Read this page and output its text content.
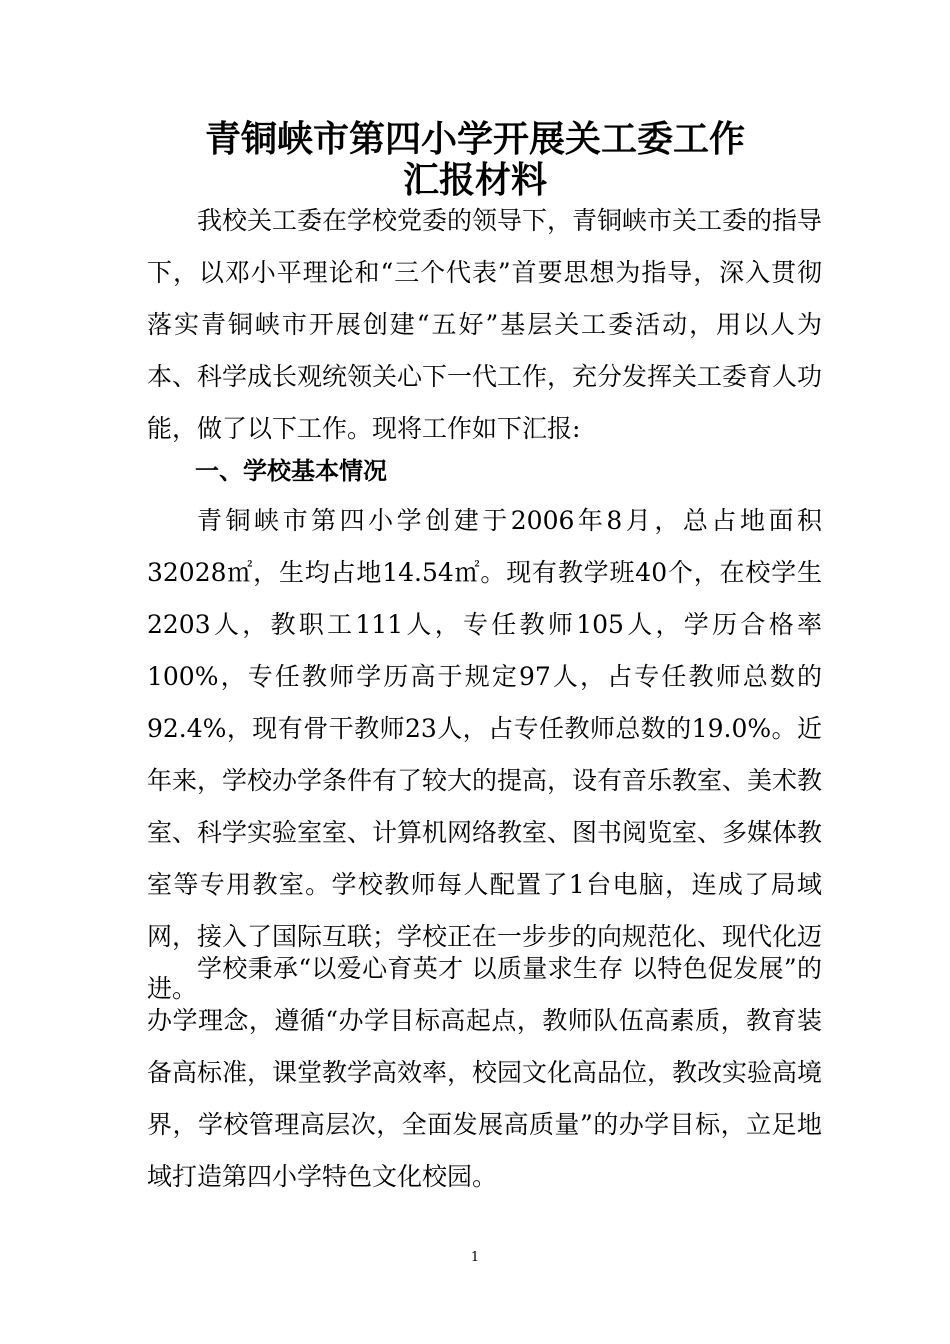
青铜峡市第四小学开展关工委工作
汇报材料

我校关工委在学校党委的领导下，青铜峡市关工委的指导下，以邓小平理论和“三个代表”首要思想为指导，深入贯彻落实青铜峡市开展创建“五好”基层关工委活动，用以人为本、科学成长观统领关心下一代工作，充分发挥关工委育人功能，做了以下工作。现将工作如下汇报:

一、学校基本情况

青铜峡市第四小学创建于2006年8月，总占地面积32028㎡，生均占地14.54㎡。现有教学班40个，在校学生2203人，教职工111人，专任教师105人，学历合格率100%，专任教师学历高于规定97人，占专任教师总数的92.4%，现有骨干教师23人，占专任教师总数的19.0%。近年来，学校办学条件有了较大的提高，设有音乐教室、美术教室、科学实验室室、计算机网络教室、图书阅览室、多媒体教室等专用教室。学校教师每人配置了1台电脑，连成了局域网，接入了国际互联；学校正在一步步的向规范化、现代化迈进。

学校秉承“以爱心育英才 以质量求生存 以特色促发展”的办学理念，遵循“办学目标高起点，教师队伍高素质，教育装备高标准，课堂教学高效率，校园文化高品位，教改实验高境界，学校管理高层次，全面发展高质量”的办学目标，立足地域打造第四小学特色文化校园。

1
